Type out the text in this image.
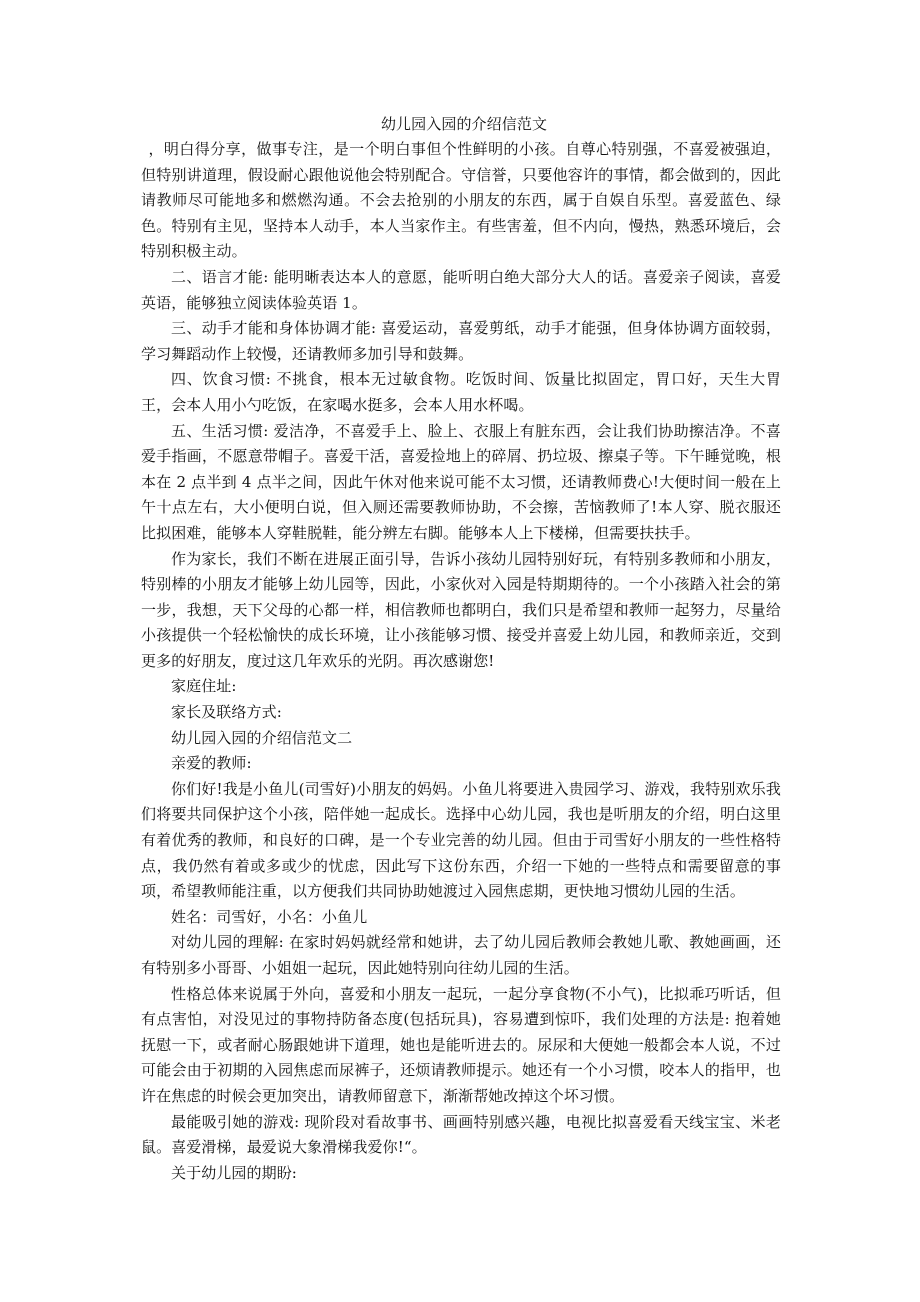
幼儿园入园的介绍信范文

，明白得分享，做事专注，是一个明白事但个性鲜明的小孩。自尊心特别强，不喜爱被强迫，但特别讲道理，假设耐心跟他说他会特别配合。守信誉，只要他容许的事情，都会做到的，因此请教师尽可能地多和燃燃沟通。不会去抢别的小朋友的东西，属于自娱自乐型。喜爱蓝色、绿色。特别有主见，坚持本人动手，本人当家作主。有些害羞，但不内向，慢热，熟悉环境后，会特别积极主动。

二、语言才能: 能明晰表达本人的意愿，能听明白绝大部分大人的话。喜爱亲子阅读，喜爱英语，能够独立阅读体验英语 1。

三、动手才能和身体协调才能: 喜爱运动，喜爱剪纸，动手才能强，但身体协调方面较弱，学习舞蹈动作上较慢，还请教师多加引导和鼓舞。

四、饮食习惯: 不挑食，根本无过敏食物。吃饭时间、饭量比拟固定，胃口好，天生大胃王，会本人用小勺吃饭，在家喝水挺多，会本人用水杯喝。

五、生活习惯: 爱洁净，不喜爱手上、脸上、衣服上有脏东西，会让我们协助擦洁净。不喜爱手指画，不愿意带帽子。喜爱干活，喜爱捡地上的碎屑、扔垃圾、擦桌子等。下午睡觉晚，根本在 2 点半到 4 点半之间，因此午休对他来说可能不太习惯，还请教师费心!大便时间一般在上午十点左右，大小便明白说，但入厕还需要教师协助，不会擦，苦恼教师了!本人穿、脱衣服还比拟困难，能够本人穿鞋脱鞋，能分辨左右脚。能够本人上下楼梯，但需要扶扶手。

作为家长，我们不断在进展正面引导，告诉小孩幼儿园特别好玩，有特别多教师和小朋友，特别棒的小朋友才能够上幼儿园等，因此，小家伙对入园是特期期待的。一个小孩踏入社会的第一步，我想，天下父母的心都一样，相信教师也都明白，我们只是希望和教师一起努力，尽量给小孩提供一个轻松愉快的成长环境，让小孩能够习惯、接受并喜爱上幼儿园，和教师亲近，交到更多的好朋友，度过这几年欢乐的光阴。再次感谢您!

家庭住址:

家长及联络方式:

幼儿园入园的介绍信范文二

亲爱的教师:

你们好!我是小鱼儿(司雪好)小朋友的妈妈。小鱼儿将要进入贵园学习、游戏，我特别欢乐我们将要共同保护这个小孩，陪伴她一起成长。选择中心幼儿园，我也是听朋友的介绍，明白这里有着优秀的教师，和良好的口碑，是一个专业完善的幼儿园。但由于司雪好小朋友的一些性格特点，我仍然有着或多或少的忧虑，因此写下这份东西，介绍一下她的一些特点和需要留意的事项，希望教师能注重，以方便我们共同协助她渡过入园焦虑期，更快地习惯幼儿园的生活。

姓名：司雪好，小名：小鱼儿

对幼儿园的理解: 在家时妈妈就经常和她讲，去了幼儿园后教师会教她儿歌、教她画画，还有特别多小哥哥、小姐姐一起玩，因此她特别向往幼儿园的生活。

性格总体来说属于外向，喜爱和小朋友一起玩，一起分享食物(不小气)，比拟乖巧听话，但有点害怕，对没见过的事物持防备态度(包括玩具)，容易遭到惊吓，我们处理的方法是: 抱着她抚慰一下，或者耐心肠跟她讲下道理，她也是能听进去的。尿尿和大便她一般都会本人说，不过可能会由于初期的入园焦虑而尿裤子，还烦请教师提示。她还有一个小习惯，咬本人的指甲，也许在焦虑的时候会更加突出，请教师留意下，渐渐帮她改掉这个坏习惯。

最能吸引她的游戏: 现阶段对看故事书、画画特别感兴趣，电视比拟喜爱看天线宝宝、米老鼠。喜爱滑梯，最爱说大象滑梯我爱你!“。

关于幼儿园的期盼:
